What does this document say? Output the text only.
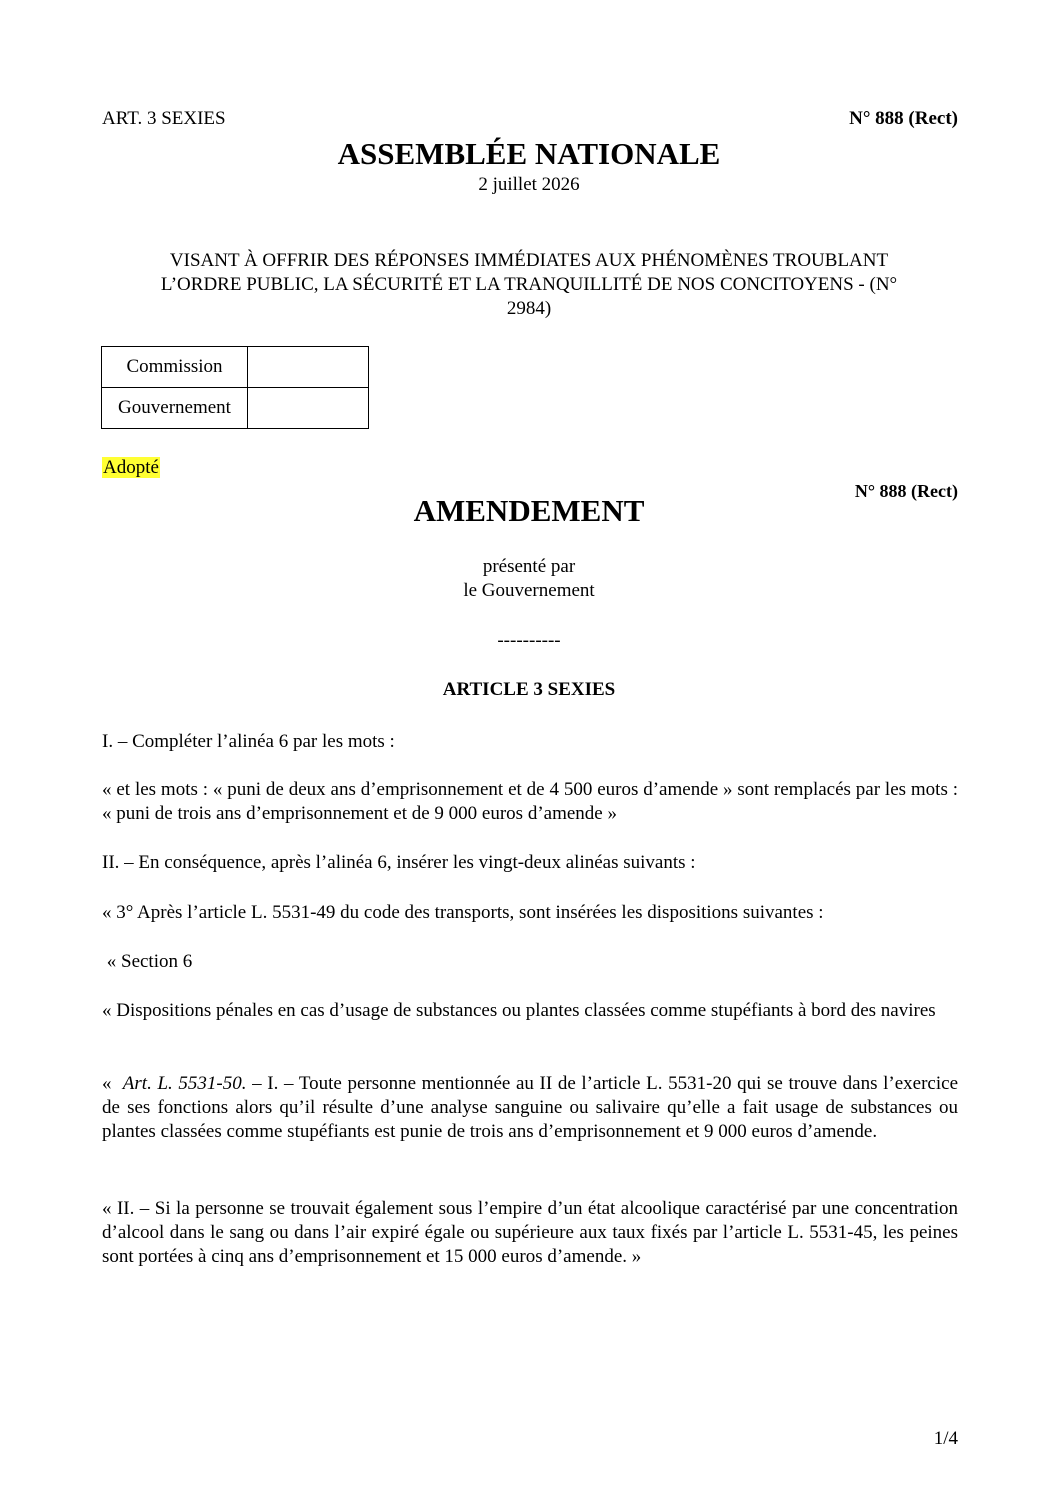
ART. 3 SEXIES	N° 888 (Rect)
ASSEMBLÉE NATIONALE
2 juillet 2026
VISANT À OFFRIR DES RÉPONSES IMMÉDIATES AUX PHÉNOMÈNES TROUBLANT
L’ORDRE PUBLIC, LA SÉCURITÉ ET LA TRANQUILLITÉ DE NOS CONCITOYENS - (N°
2984)
Commission	
Gouvernement	
Adopté
N° 888 (Rect)
AMENDEMENT
présenté par
le Gouvernement
----------
ARTICLE 3 SEXIES
I. – Compléter l’alinéa 6 par les mots :
« et les mots : « puni de deux ans d’emprisonnement et de 4 500 euros d’amende » sont remplacés par les mots : « puni de trois ans d’emprisonnement et de 9 000 euros d’amende »
II. – En conséquence, après l’alinéa 6, insérer les vingt-deux alinéas suivants :
« 3° Après l’article L. 5531-49 du code des transports, sont insérées les dispositions suivantes :
« Section 6
« Dispositions pénales en cas d’usage de substances ou plantes classées comme stupéfiants à bord des navires
«  Art. L. 5531-50. – I. – Toute personne mentionnée au II de l’article L. 5531-20 qui se trouve dans l’exercice de ses fonctions alors qu’il résulte d’une analyse sanguine ou salivaire qu’elle a fait usage de substances ou plantes classées comme stupéfiants est punie de trois ans d’emprisonnement et 9 000 euros d’amende.
« II. – Si la personne se trouvait également sous l’empire d’un état alcoolique caractérisé par une concentration d’alcool dans le sang ou dans l’air expiré égale ou supérieure aux taux fixés par l’article L. 5531-45, les peines sont portées à cinq ans d’emprisonnement et 15 000 euros d’amende. »
1/4
